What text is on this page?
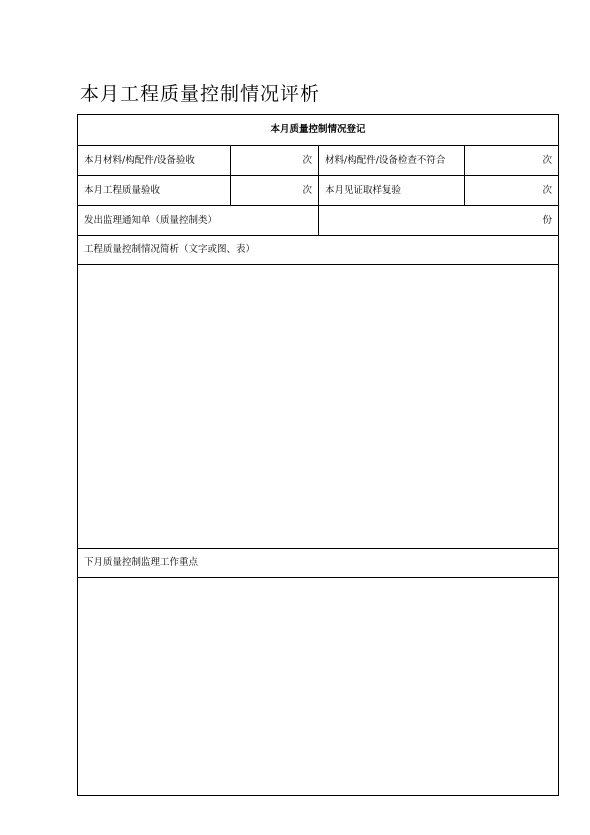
本月工程质量控制情况评析
本月质量控制情况登记			
本月材料/构配件/设备验收	次	材料/构配件/设备检查不符合	次
本月工程质量验收	次	本月见证取样复验	次
发出监理通知单（质量控制类）		份	
工程质量控制情况简析（文字或图、表）			

下月质量控制监理工作重点			
